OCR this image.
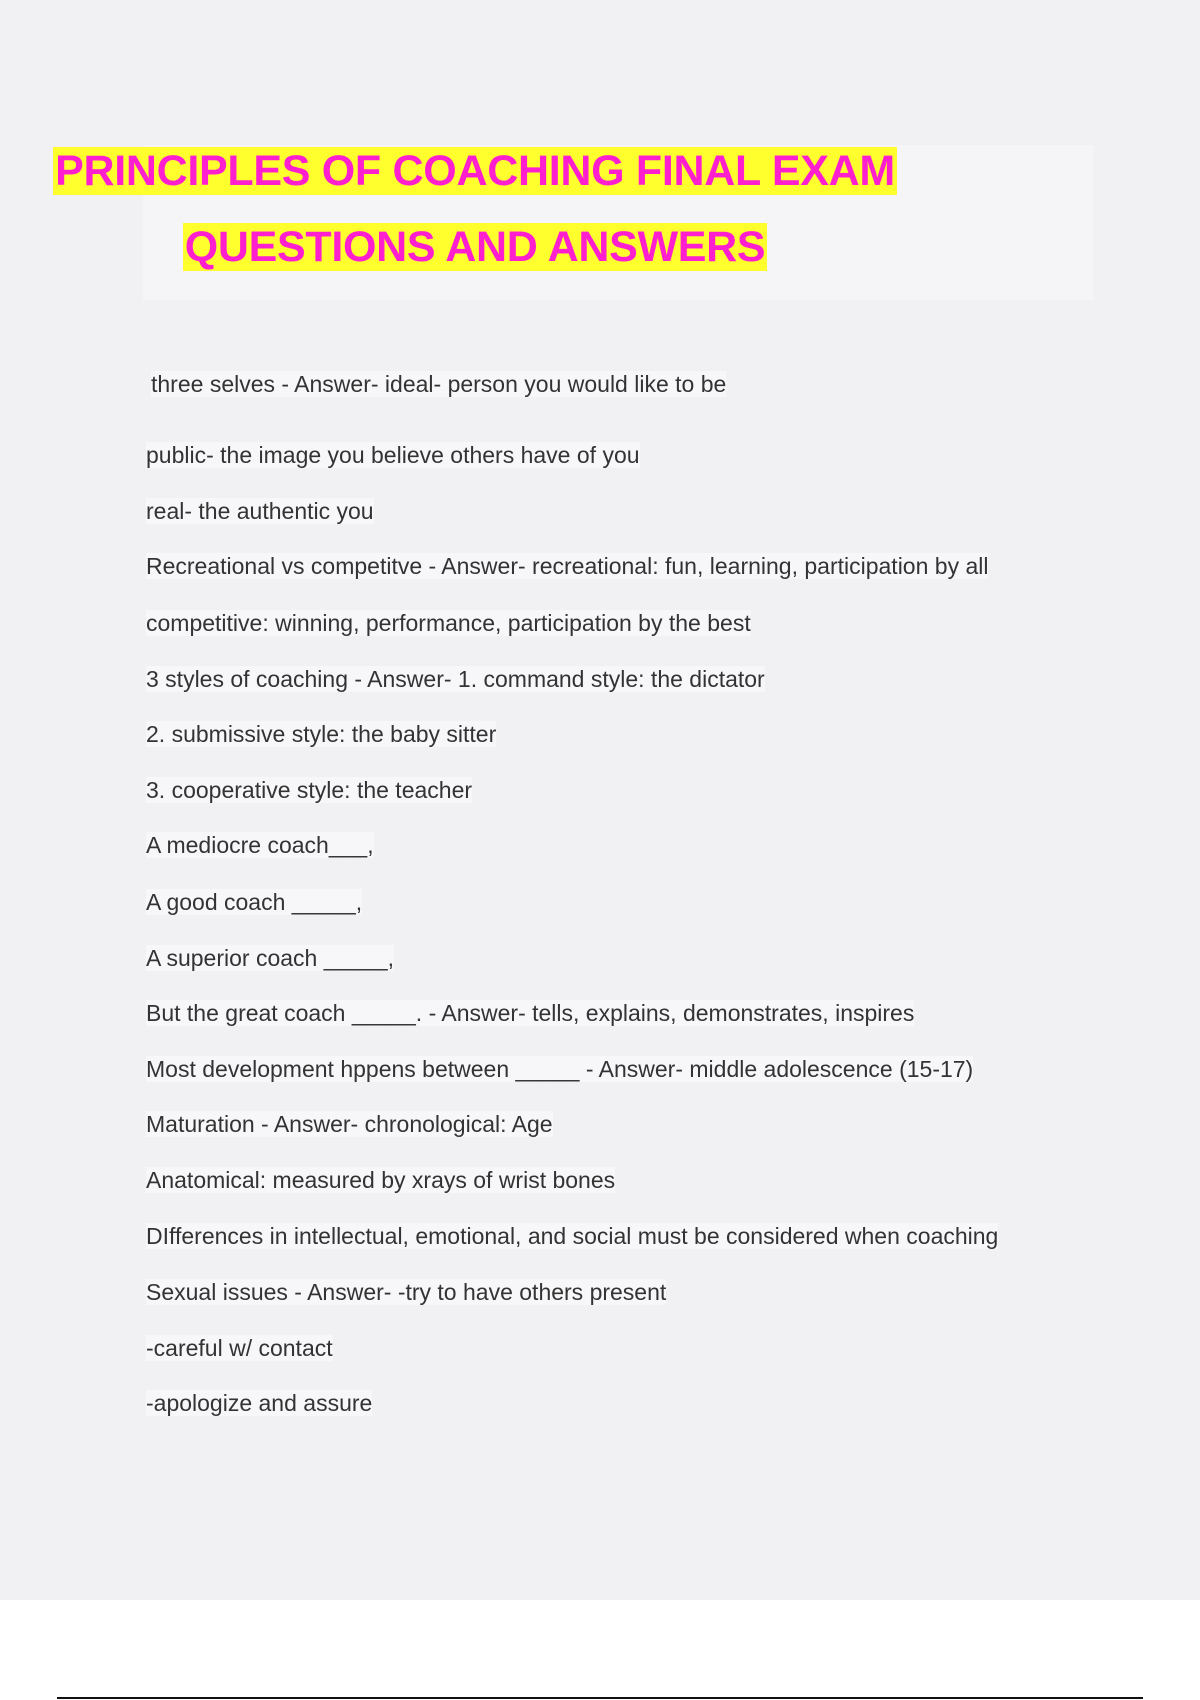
PRINCIPLES OF COACHING FINAL EXAM
QUESTIONS AND ANSWERS
three selves - Answer- ideal- person you would like to be
public- the image you believe others have of you
real- the authentic you
Recreational vs competitve - Answer- recreational: fun, learning, participation by all
competitive: winning, performance, participation by the best
3 styles of coaching - Answer- 1. command style: the dictator
2. submissive style: the baby sitter
3. cooperative style: the teacher
A mediocre coach___,
A good coach _____,
A superior coach _____,
But the great coach _____. - Answer- tells, explains, demonstrates, inspires
Most development hppens between _____ - Answer- middle adolescence (15-17)
Maturation - Answer- chronological: Age
Anatomical: measured by xrays of wrist bones
DIfferences in intellectual, emotional, and social must be considered when coaching
Sexual issues - Answer- -try to have others present
-careful w/ contact
-apologize and assure
